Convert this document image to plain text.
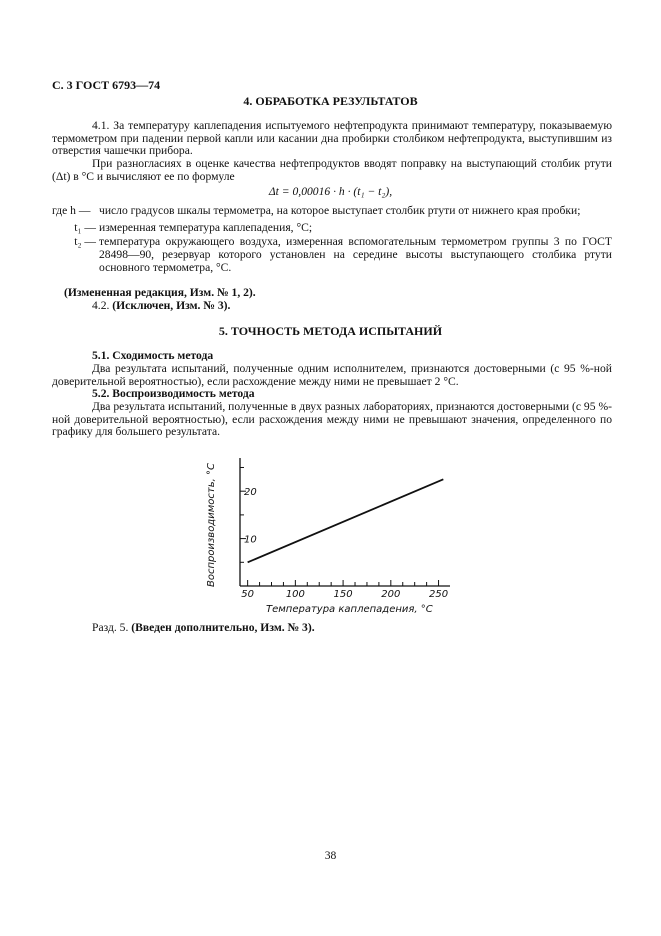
С. 3 ГОСТ 6793—74
4. ОБРАБОТКА РЕЗУЛЬТАТОВ
4.1. За температуру каплепадения испытуемого нефтепродукта принимают температуру, показываемую термометром при падении первой капли или касании дна пробирки столбиком нефтепродукта, выступившим из отверстия чашечки прибора.
При разногласиях в оценке качества нефтепродуктов вводят поправку на выступающий столбик ртути (Δt) в °C и вычисляют ее по формуле
Δt = 0,00016 · h · (t₁ − t₂),
где h — число градусов шкалы термометра, на которое выступает столбик ртути от нижнего края пробки;
t₁ — измеренная температура каплепадения, °С;
t₂ — температура окружающего воздуха, измеренная вспомогательным термометром группы 3 по ГОСТ 28498—90, резервуар которого установлен на середине высоты выступающего столбика ртути основного термометра, °С.
(Измененная редакция, Изм. № 1, 2).
4.2. (Исключен, Изм. № 3).
5. ТОЧНОСТЬ МЕТОДА ИСПЫТАНИЙ
5.1. Сходимость метода
Два результата испытаний, полученные одним исполнителем, признаются достоверными (с 95 %-ной доверительной вероятностью), если расхождение между ними не превышает 2 °С.
5.2. Воспроизводимость метода
Два результата испытаний, полученные в двух разных лабораториях, признаются достоверными (с 95 %-ной доверительной вероятностью), если расхождения между ними не превышают значения, определенного по графику для большего результата.
10
20
50	100	150	200	250
Воспроизводимость, °С
Температура каплепадения, °С
Разд. 5. (Введен дополнительно, Изм. № 3).
38
